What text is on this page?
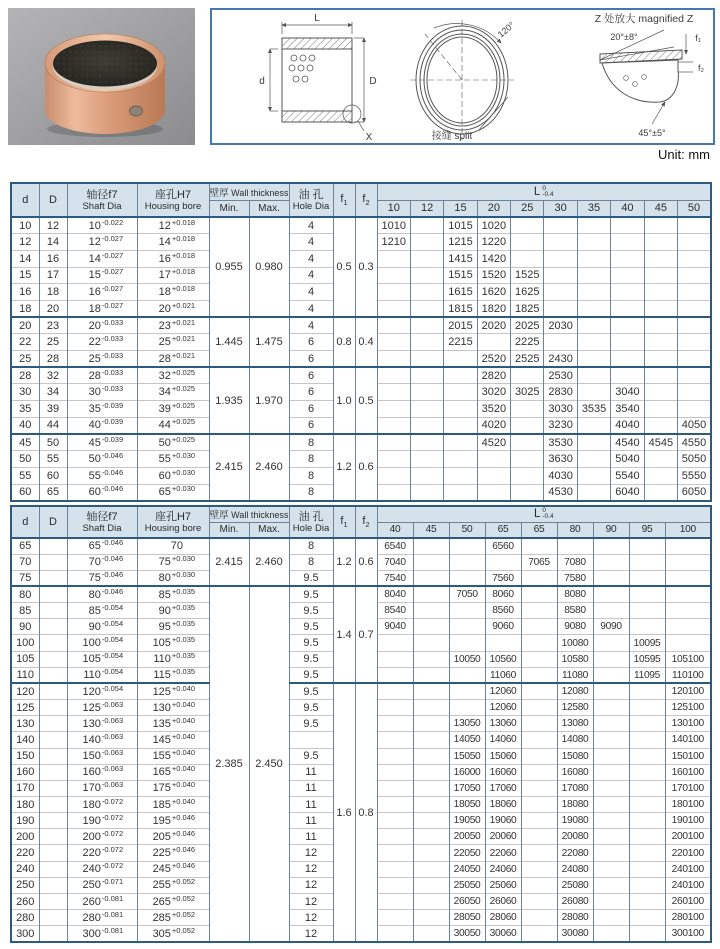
L
d	D
X
120°
接缝 split
Z 处放大 magnified Z
20°±8°	f₁
f₂
45°±5°
Unit: mm
d	D	轴径f7
Shaft Dia

座孔H7
Housing bore
	壁厚 Wall thickness	油 孔
Hole Dia
	$f_1$	$f_2$	L 0
-0.4

				Min.	Max.				10	12	15	20	25	30	35	40	45	50
10	12	$10^{-0.022}$	$12^{+0.018}$	0.955	0.980	4	0.5	0.3	1010		1015	1020						
12	14	$12^{-0.027}$	$14^{+0.018}$			4			1210		1215	1220						
14	16	$14^{-0.027}$	$16^{+0.018}$			4					1415	1420						
15	17	$15^{-0.027}$	$17^{+0.018}$			4					1515	1520	1525					
16	18	$16^{-0.027}$	$18^{+0.018}$			4					1615	1620	1625					
18	20	$18^{-0.027}$	$20^{+0.021}$			4					1815	1820	1825					
20	23	$20^{-0.033}$	$23^{+0.021}$	1.445	1.475	4	0.8	0.4			2015	2020	2025	2030				
22	25	$22^{-0.033}$	$25^{+0.021}$			6					2215		2225					
25	28	$25^{-0.033}$	$28^{+0.021}$			6						2520	2525	2430				
28	32	$28^{-0.033}$	$32^{+0.025}$	1.935	1.970	6	1.0	0.5				2820		2530				
30	34	$30^{-0.033}$	$34^{+0.025}$			6						3020	3025	2830		3040		
35	39	$35^{-0.039}$	$39^{+0.025}$			6						3520		3030	3535	3540		
40	44	$40^{-0.039}$	$44^{+0.025}$			6						4020		3230		4040		4050
45	50	$45^{-0.039}$	$50^{+0.025}$	2.415	2.460	8	1.2	0.6				4520		3530		4540	4545	4550
50	55	$50^{-0.046}$	$55^{+0.030}$			8								3630		5040		5050
55	60	$55^{-0.046}$	$60^{+0.030}$			8								4030		5540		5550
60	65	$60^{-0.046}$	$65^{+0.030}$			8								4530		6040		6050
d	D	轴径f7
Shaft Dia

座孔H7
Housing bore
	壁厚 Wall thickness	油 孔
Hole Dia
	$f_1$	$f_2$	L 0
-0.4

				Min.	Max.				40	45	50	65	65	80	90	95	100
65		$65^{-0.046}$	70	2.415	2.460	8	1.2	0.6	6540			6560					
70		$70^{-0.046}$	$75^{+0.030}$			8			7040				7065	7080			
75		$75^{-0.046}$	$80^{+0.030}$			9.5			7540			7560		7580			
80		$80^{-0.046}$	$85^{+0.035}$	2.385	2.450	9.5	1.4	0.7	8040		7050	8060		8080			
85		$85^{-0.054}$	$90^{+0.035}$			9.5			8540			8560		8580			
90		$90^{-0.054}$	$95^{+0.035}$			9.5			9040			9060		9080	9090		
100		$100^{-0.054}$	$105^{+0.035}$			9.5								10080		10095	
105		$105^{-0.054}$	$110^{+0.035}$			9.5					10050	10560		10580		10595	105100
110		$110^{-0.054}$	$115^{+0.035}$			9.5						11060		11080		11095	110100
120		$120^{-0.054}$	$125^{+0.040}$			9.5	1.6	0.8				12060		12080			120100
125		$125^{-0.063}$	$130^{+0.040}$			9.5						12060		12580			125100
130		$130^{-0.063}$	$135^{+0.040}$			9.5					13050	13060		13080			130100
140		$140^{-0.063}$	$145^{+0.040}$								14050	14060		14080			140100
150		$150^{-0.063}$	$155^{+0.040}$			9.5					15050	15060		15080			150100
160		$160^{-0.063}$	$165^{+0.040}$			11					16000	16060		16080			160100
170		$170^{-0.063}$	$175^{+0.040}$			11					17050	17060		17080			170100
180		$180^{-0.072}$	$185^{+0.040}$			11					18050	18060		18080			180100
190		$190^{-0.072}$	$195^{+0.046}$			11					19050	19060		19080			190100
200		$200^{-0.072}$	$205^{+0.046}$			11					20050	20060		20080			200100
220		$220^{-0.072}$	$225^{+0.046}$			12					22050	22060		22080			220100
240		$240^{-0.072}$	$245^{+0.046}$			12					24050	24060		24080			240100
250		$250^{-0.071}$	$255^{+0.052}$			12					25050	25060		25080			240100
260		$260^{-0.081}$	$265^{+0.052}$			12					26050	26060		26080			260100
280		$280^{-0.081}$	$285^{+0.052}$			12					28050	28060		28080			280100
300		$300^{-0.081}$	$305^{+0.052}$			12					30050	30060		30080			300100
